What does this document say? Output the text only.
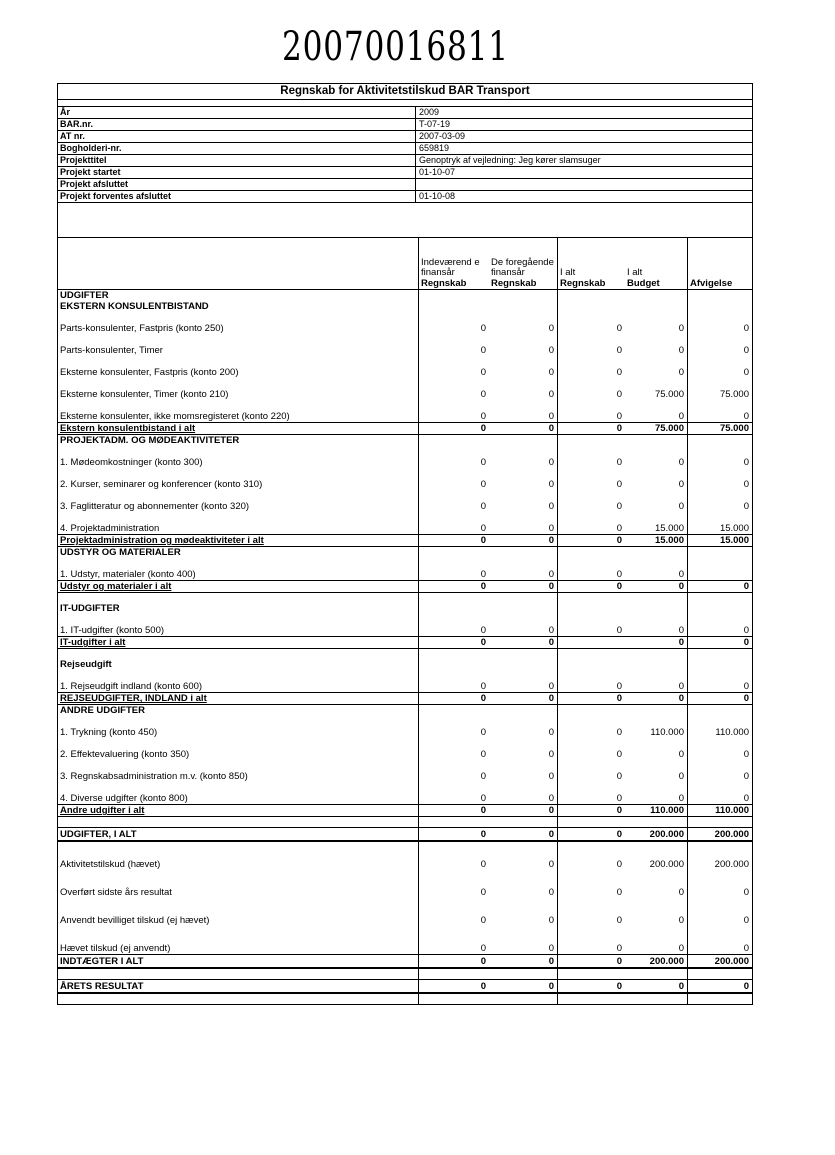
20070016811
Regnskab for Aktivitetstilskud BAR Transport
År	2009
BAR.nr.	T-07-19
AT nr.	2007-03-09
Bogholderi-nr.	659819
Projekttitel	Genoptryk af vejledning: Jeg kører slamsuger
Projekt startet	01-10-07
Projekt afsluttet
Projekt forventes afsluttet	01-10-08
	Indeværend e finansår	De foregående finansår	I alt	I alt	
	Regnskab	Regnskab	Regnskab	Budget	Afvigelse
UDGIFTER					
EKSTERN KONSULENTBISTAND					
Parts-konsulenter, Fastpris (konto 250)	0	0	0	0	0
Parts-konsulenter, Timer	0	0	0	0	0
Eksterne konsulenter, Fastpris (konto 200)	0	0	0	0	0
Eksterne konsulenter, Timer (konto 210)	0	0	0	75.000	75.000
Eksterne konsulenter, ikke momsregisteret (konto 220)	0	0	0	0	0
Ekstern konsulentbistand i alt	0	0	0	75.000	75.000
PROJEKTADM. OG MØDEAKTIVITETER					
1. Mødeomkostninger (konto 300)	0	0	0	0	0
2. Kurser, seminarer og konferencer (konto 310)	0	0	0	0	0
3. Faglitteratur og abonnementer (konto 320)	0	0	0	0	0
4. Projektadministration	0	0	0	15.000	15.000
Projektadministration og mødeaktiviteter i alt	0	0	0	15.000	15.000
UDSTYR OG MATERIALER					
1. Udstyr, materialer (konto 400)	0	0	0	0	
Udstyr og materialer i alt	0	0	0	0	0

IT-UDGIFTER					
1. IT-udgifter (konto 500)	0	0	0	0	0
IT-udgifter i alt	0	0		0	0

Rejseudgift					
1. Rejseudgift indland (konto 600)	0	0	0	0	0
REJSEUDGIFTER, INDLAND i alt	0	0	0	0	0
ANDRE UDGIFTER					
1. Trykning (konto 450)	0	0	0	110.000	110.000
2. Effektevaluering (konto 350)	0	0	0	0	0
3. Regnskabsadministration m.v. (konto 850)	0	0	0	0	0
4. Diverse udgifter (konto 800)	0	0	0	0	0
Andre udgifter i alt	0	0	0	110.000	110.000

UDGIFTER, I ALT	0	0	0	200.000	200.000
Aktivitetstilskud (hævet)	0	0	0	200.000	200.000
Overført sidste års resultat	0	0	0	0	0
Anvendt bevilliget tilskud (ej hævet)	0	0	0	0	0
Hævet tilskud (ej anvendt)	0	0	0	0	0
INDTÆGTER I ALT	0	0	0	200.000	200.000

ÅRETS RESULTAT	0	0	0	0	0
